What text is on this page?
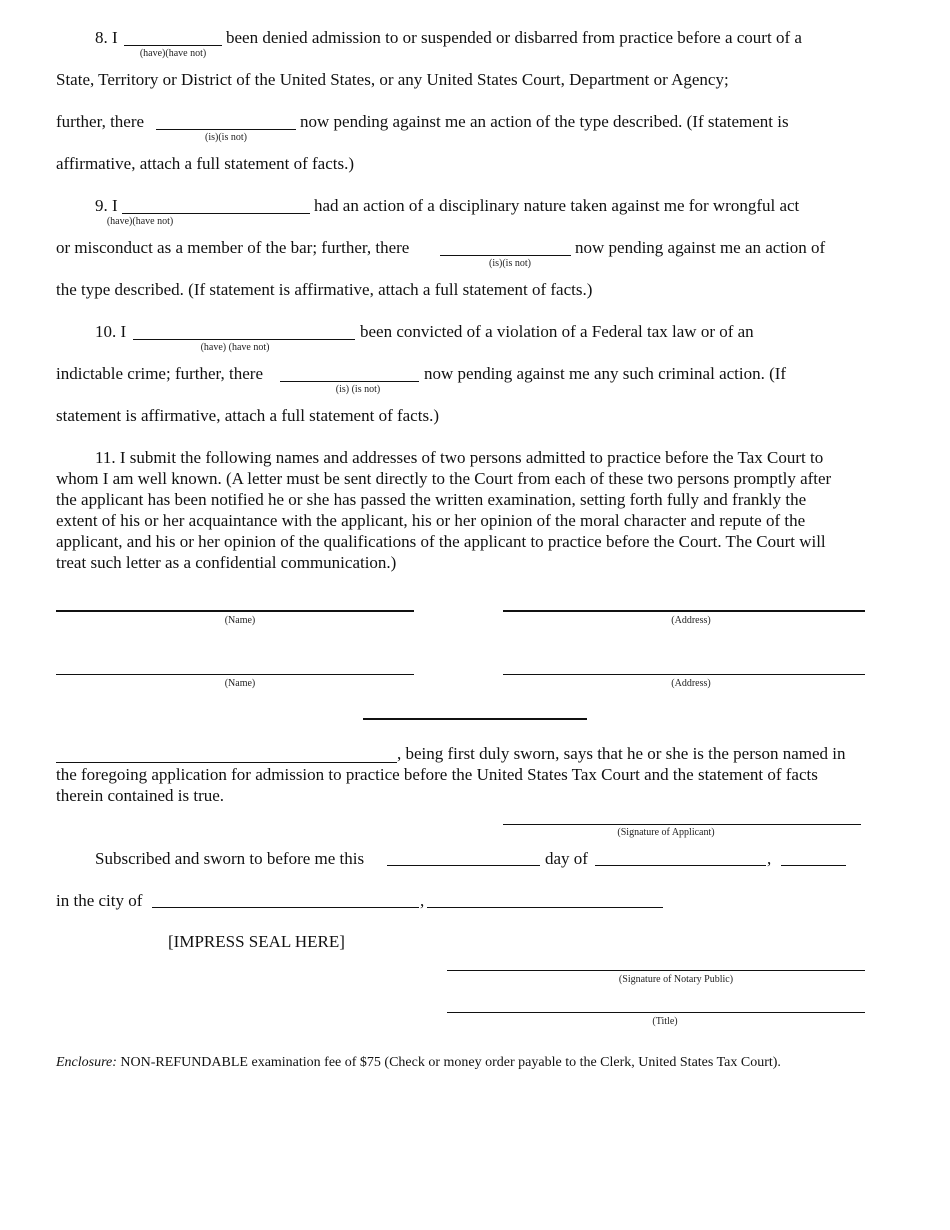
8. I
(have)(have not)
been denied admission to or suspended or disbarred from practice before a court of a
State, Territory or District of the United States, or any United States Court, Department or Agency;
further, there
(is)(is not)
now pending against me an action of the type described. (If statement is
affirmative, attach a full statement of facts.)
9. I
(have)(have not)
had an action of a disciplinary nature taken against me for wrongful act
or misconduct as a member of the bar; further, there
(is)(is not)
now pending against me an action of
the type described. (If statement is affirmative, attach a full statement of facts.)
10. I
(have) (have not)
been convicted of a violation of a Federal tax law or of an
indictable crime; further, there
(is) (is not)
now pending against me any such criminal action. (If
statement is affirmative, attach a full statement of facts.)
11. I submit the following names and addresses of two persons admitted to practice before the Tax Court to
whom I am well known. (A letter must be sent directly to the Court from each of these two persons promptly after
the applicant has been notified he or she has passed the written examination, setting forth fully and frankly the
extent of his or her acquaintance with the applicant, his or her opinion of the moral character and repute of the
applicant, and his or her opinion of the qualifications of the applicant to practice before the Court. The Court will
treat such letter as a confidential communication.)
(Name)	(Address)
(Name)	(Address)
, being first duly sworn, says that he or she is the person named in
the foregoing application for admission to practice before the United States Tax Court and the statement of facts
therein contained is true.
(Signature of Applicant)
Subscribed and sworn to before me this	day of	,
in the city of	,
[IMPRESS SEAL HERE]
(Signature of Notary Public)
(Title)
Enclosure: NON-REFUNDABLE examination fee of $75 (Check or money order payable to the Clerk, United States Tax Court).
